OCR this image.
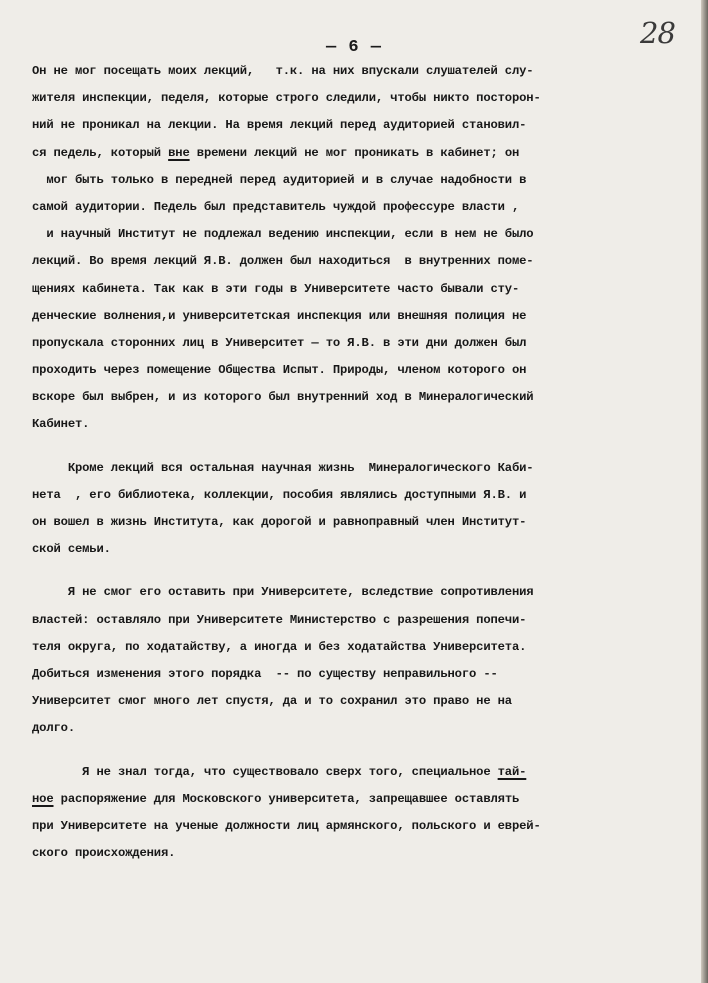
— 6 —	28
Он не мог посещать моих лекций,   т.к. на них впускали слушателей слу-
жителя инспекции, педеля, которые строго следили, чтобы никто посторон-
ний не проникал на лекции. На время лекций перед аудиторией становил-
ся педель, который вне времени лекций не мог проникать в кабинет; он
мог быть только в передней перед аудиторией и в случае надобности в
самой аудитории. Педель был представитель чуждой профессуре власти ,
и научный Институт не подлежал ведению инспекции, если в нем не было
лекций. Во время лекций Я.В. должен был находиться  в внутренних поме-
щениях кабинета. Так как в эти годы в Университете часто бывали сту-
денческие волнения,и университетская инспекция или внешняя полиция не
пропускала сторонних лиц в Университет — то Я.В. в эти дни должен был
проходить через помещение Общества Испыт. Природы, членом которого он
вскоре был выбрен, и из которого был внутренний ход в Минералогический
Кабинет.
Кроме лекций вся остальная научная жизнь  Минералогического Каби-
нета  , его библиотека, коллекции, пособия являлись доступными Я.В. и
он вошел в жизнь Института, как дорогой и равноправный член Институт-
ской семьи.
Я не смог его оставить при Университете, вследствие сопротивления
властей: оставляло при Университете Министерство с разрешения попечи-
теля округа, по ходатайству, а иногда и без ходатайства Университета.
Добиться изменения этого порядка  -- по существу неправильного --
Университет смог много лет спустя, да и то сохранил это право не на
долго.
Я не знал тогда, что существовало сверх того, специальное тай-
ное распоряжение для Московского университета, запрещавшее оставлять
при Университете на ученые должности лиц армянского, польского и еврей-
ского происхождения.
